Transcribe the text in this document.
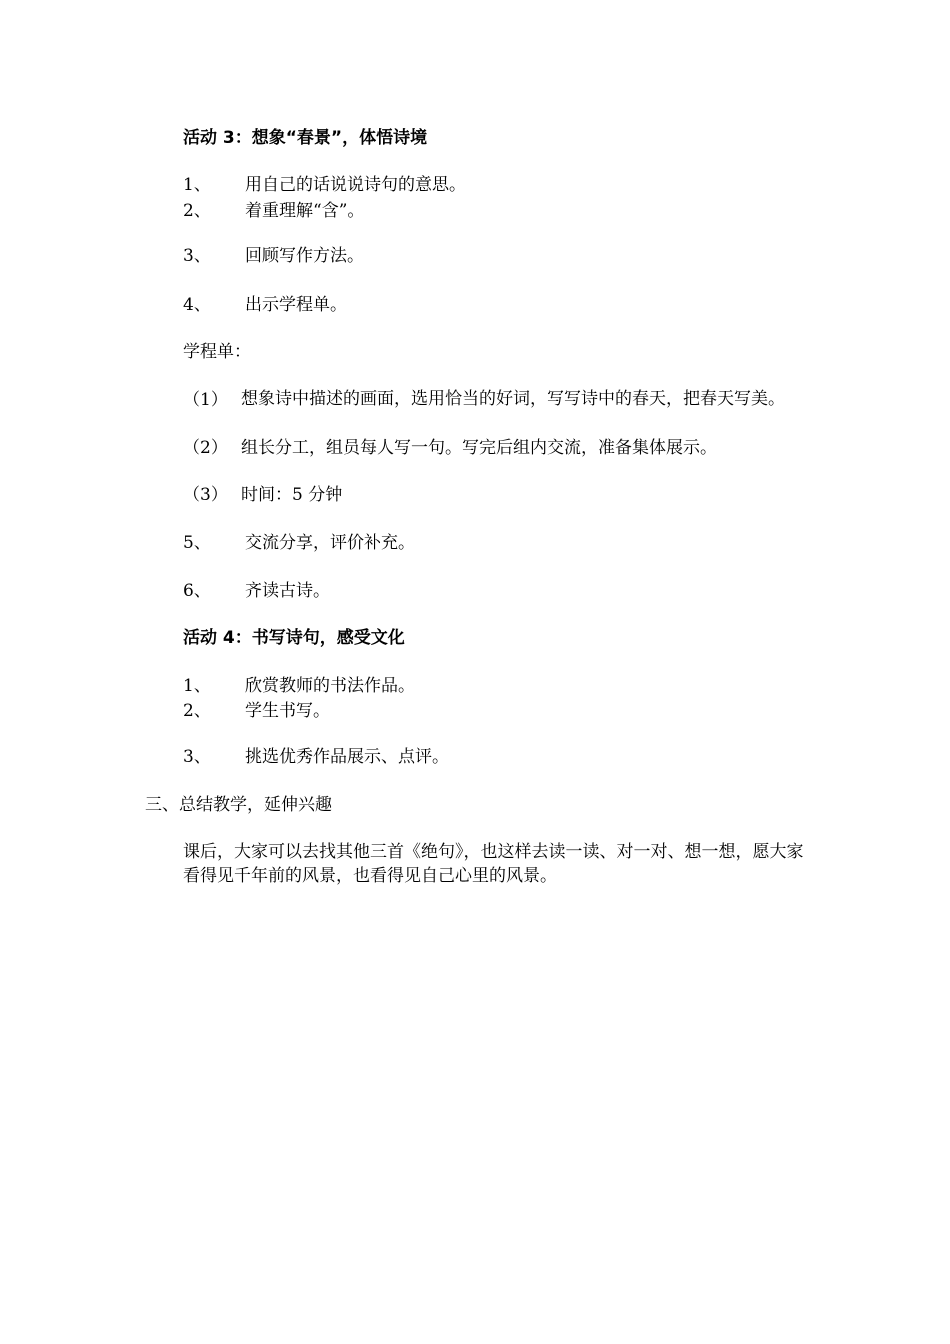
活动 3：想象“春景”，体悟诗境
1、 用自己的话说说诗句的意思。
2、 着重理解“含”。
3、 回顾写作方法。
4、 出示学程单。
学程单：
（1） 想象诗中描述的画面，选用恰当的好词，写写诗中的春天，把春天写美。
（2） 组长分工，组员每人写一句。写完后组内交流，准备集体展示。
（3） 时间：5 分钟
5、 交流分享，评价补充。
6、 齐读古诗。
活动 4：书写诗句，感受文化
1、 欣赏教师的书法作品。
2、 学生书写。
3、 挑选优秀作品展示、点评。
三、总结教学，延伸兴趣
课后，大家可以去找其他三首《绝句》，也这样去读一读、对一对、想一想，愿大家看得见千年前的风景，也看得见自己心里的风景。
